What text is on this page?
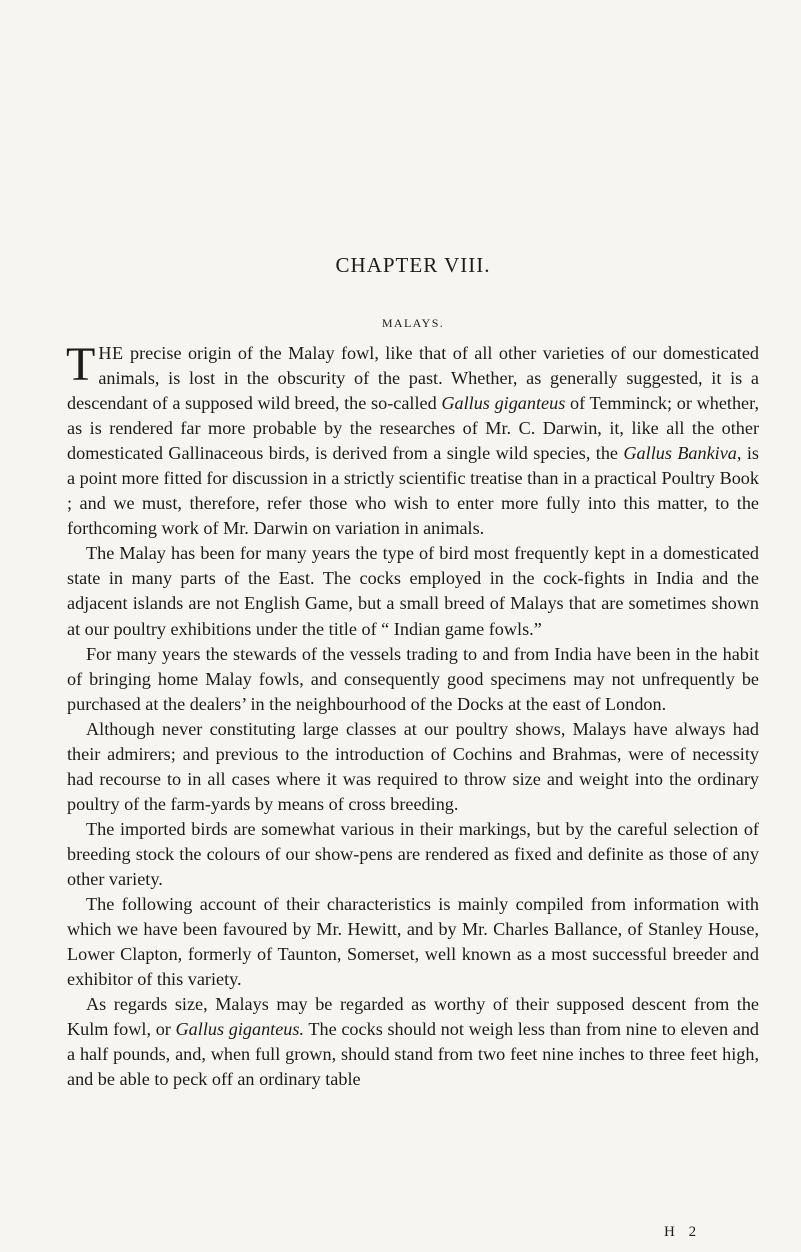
CHAPTER VIII.
MALAYS.

THE precise origin of the Malay fowl, like that of all other varieties of our domesticated animals, is lost in the obscurity of the past. Whether, as generally suggested, it is a descendant of a supposed wild breed, the so-called Gallus giganteus of Temminck; or whether, as is rendered far more probable by the researches of Mr. C. Darwin, it, like all the other domesticated Gallinaceous birds, is derived from a single wild species, the Gallus Bankiva, is a point more fitted for discussion in a strictly scientific treatise than in a practical Poultry Book ; and we must, therefore, refer those who wish to enter more fully into this matter, to the forthcoming work of Mr. Darwin on variation in animals.

The Malay has been for many years the type of bird most frequently kept in a domesticated state in many parts of the East. The cocks employed in the cock-fights in India and the adjacent islands are not English Game, but a small breed of Malays that are sometimes shown at our poultry exhibitions under the title of “ Indian game fowls.”

For many years the stewards of the vessels trading to and from India have been in the habit of bringing home Malay fowls, and consequently good specimens may not unfrequently be purchased at the dealers’ in the neighbourhood of the Docks at the east of London.

Although never constituting large classes at our poultry shows, Malays have always had their admirers; and previous to the introduction of Cochins and Brahmas, were of necessity had recourse to in all cases where it was required to throw size and weight into the ordinary poultry of the farm-yards by means of cross breeding.

The imported birds are somewhat various in their markings, but by the careful selection of breeding stock the colours of our show-pens are rendered as fixed and definite as those of any other variety.

The following account of their characteristics is mainly compiled from information with which we have been favoured by Mr. Hewitt, and by Mr. Charles Ballance, of Stanley House, Lower Clapton, formerly of Taunton, Somerset, well known as a most successful breeder and exhibitor of this variety.

As regards size, Malays may be regarded as worthy of their supposed descent from the Kulm fowl, or Gallus giganteus. The cocks should not weigh less than from nine to eleven and a half pounds, and, when full grown, should stand from two feet nine inches to three feet high, and be able to peck off an ordinary table

H 2
